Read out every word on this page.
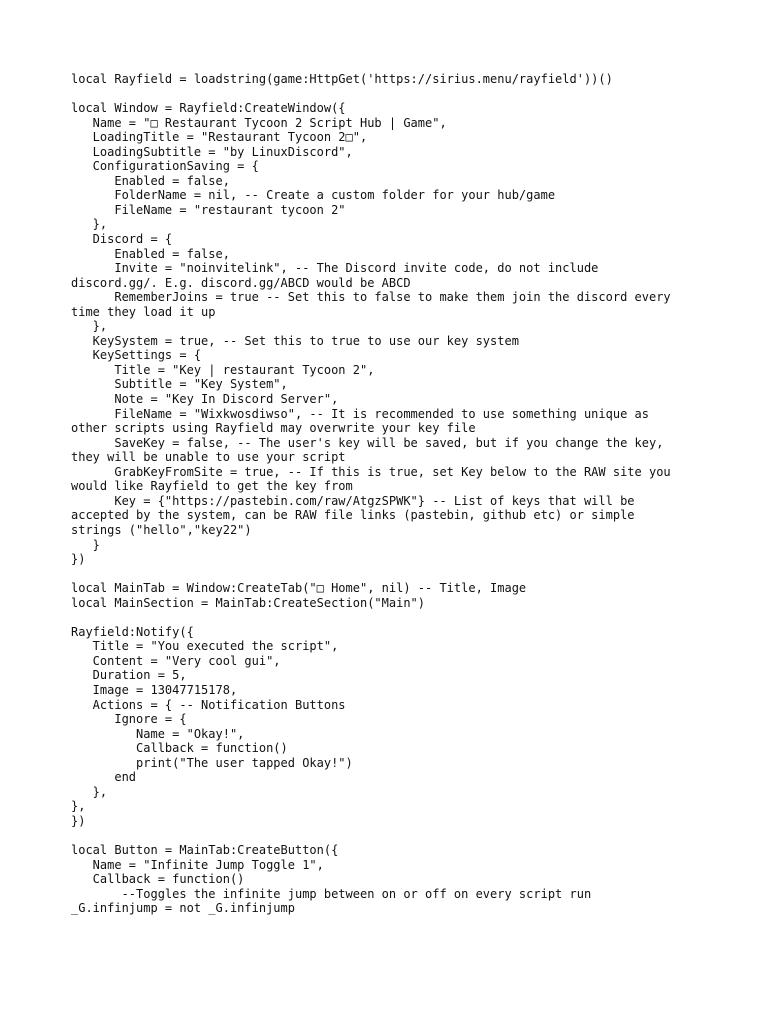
local Rayfield = loadstring(game:HttpGet('https://sirius.menu/rayfield'))()
local Window = Rayfield:CreateWindow({
Name = "□ Restaurant Tycoon 2 Script Hub | Game",
LoadingTitle = "Restaurant Tycoon 2□",
LoadingSubtitle = "by LinuxDiscord",
ConfigurationSaving = {
Enabled = false,
FolderName = nil, -- Create a custom folder for your hub/game
FileName = "restaurant tycoon 2"
},
Discord = {
Enabled = false,
Invite = "noinvitelink", -- The Discord invite code, do not include
discord.gg/. E.g. discord.gg/ABCD would be ABCD
RememberJoins = true -- Set this to false to make them join the discord every
time they load it up
},
KeySystem = true, -- Set this to true to use our key system
KeySettings = {
Title = "Key | restaurant Tycoon 2",
Subtitle = "Key System",
Note = "Key In Discord Server",
FileName = "Wixkwosdiwso", -- It is recommended to use something unique as
other scripts using Rayfield may overwrite your key file
SaveKey = false, -- The user's key will be saved, but if you change the key,
they will be unable to use your script
GrabKeyFromSite = true, -- If this is true, set Key below to the RAW site you
would like Rayfield to get the key from
Key = {"https://pastebin.com/raw/AtgzSPWK"} -- List of keys that will be
accepted by the system, can be RAW file links (pastebin, github etc) or simple
strings ("hello","key22")
}
})
local MainTab = Window:CreateTab("□ Home", nil) -- Title, Image
local MainSection = MainTab:CreateSection("Main")
Rayfield:Notify({
Title = "You executed the script",
Content = "Very cool gui",
Duration = 5,
Image = 13047715178,
Actions = { -- Notification Buttons
Ignore = {
Name = "Okay!",
Callback = function()
print("The user tapped Okay!")
end
},
},
})
local Button = MainTab:CreateButton({
Name = "Infinite Jump Toggle 1",
Callback = function()
--Toggles the infinite jump between on or off on every script run
_G.infinjump = not _G.infinjump
